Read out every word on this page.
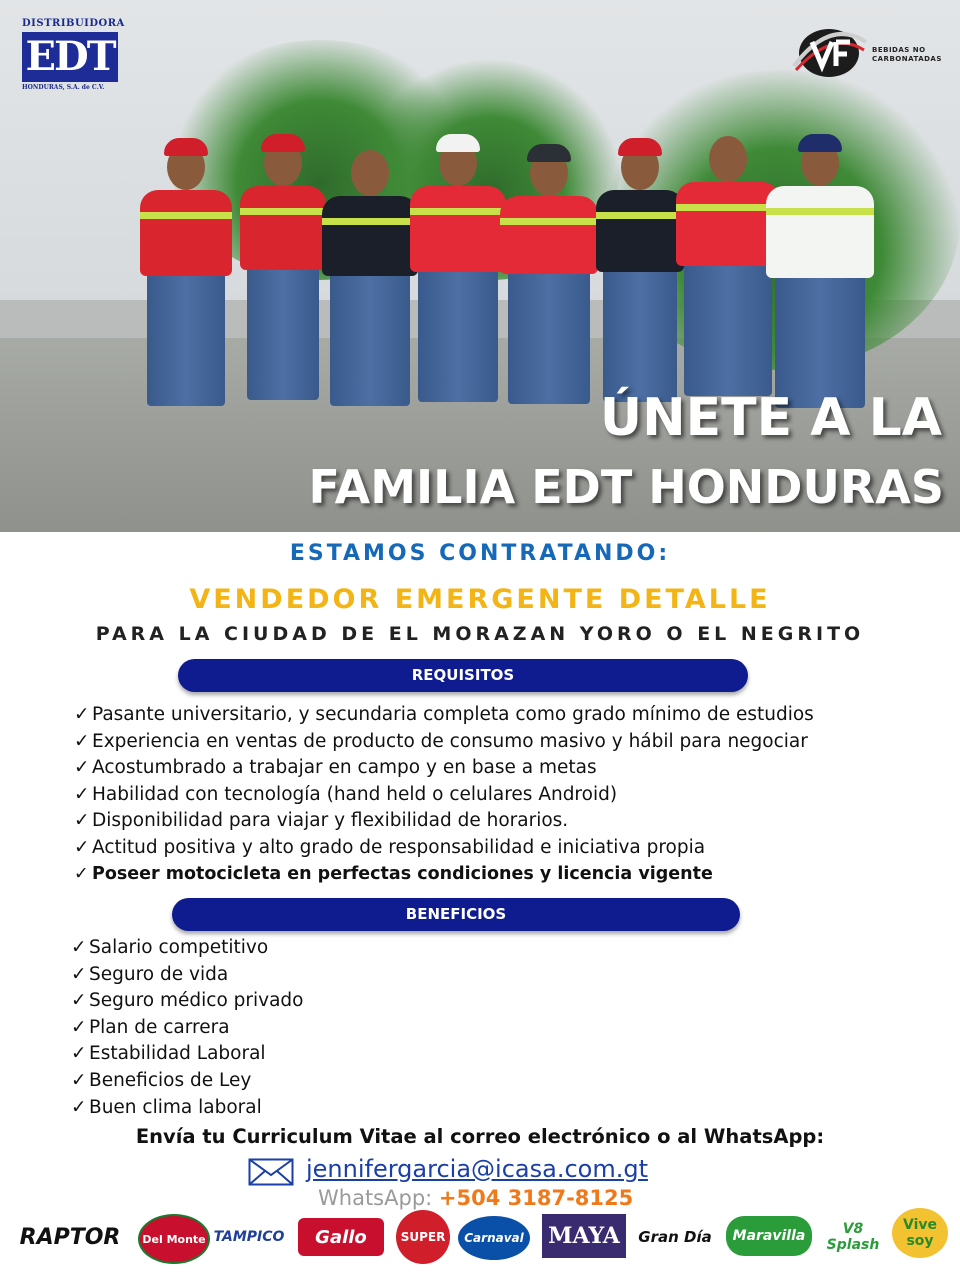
DISTRIBUIDORA
EDT
HONDURAS, S.A. de C.V.
BEBIDAS NO
CARBONATADAS
ÚNETE A LA
FAMILIA EDT HONDURAS
ESTAMOS CONTRATANDO:
VENDEDOR EMERGENTE DETALLE
PARA LA CIUDAD DE EL MORAZAN YORO O EL NEGRITO
REQUISITOS
✓ Pasante universitario, y secundaria completa como grado mínimo de estudios
✓ Experiencia en ventas de producto de consumo masivo y hábil para negociar
✓ Acostumbrado a trabajar en campo y en base a metas
✓ Habilidad con tecnología (hand held o celulares Android)
✓ Disponibilidad para viajar y flexibilidad de horarios.
✓ Actitud positiva y alto grado de responsabilidad e iniciativa propia
✓ Poseer motocicleta en perfectas condiciones y licencia vigente
BENEFICIOS
✓ Salario competitivo
✓ Seguro de vida
✓ Seguro médico privado
✓ Plan de carrera
✓ Estabilidad Laboral
✓ Beneficios de Ley
✓ Buen clima laboral
Envía tu Curriculum Vitae al correo electrónico o al WhatsApp:
jennifergarcia@icasa.com.gt
WhatsApp: +504 3187-8125
RAPTOR	Del Monte TAMPICO	Gallo	SUPER	Carnaval MAYA	Gran Día	Maravilla	V8 Splash
Vive soy
